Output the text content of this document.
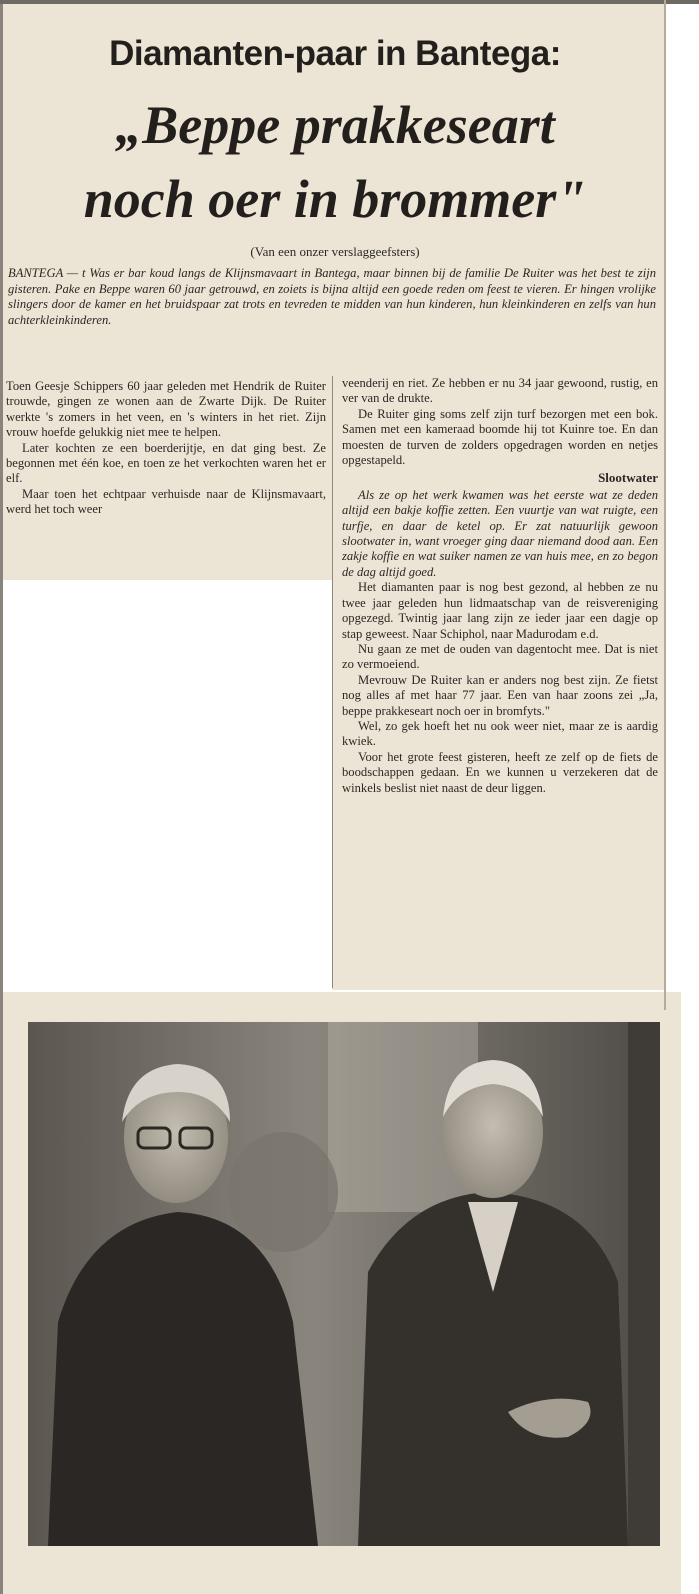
Diamanten-paar in Bantega:
„Beppe prakkeseart
noch oer in brommer"
(Van een onzer verslaggeefsters)

BANTEGA — t Was er bar koud langs de Klijnsmavaart in Bantega, maar binnen bij de familie De Ruiter was het best te zijn gisteren. Pake en Beppe waren 60 jaar getrouwd, en zoiets is bijna altijd een goede reden om feest te vieren. Er hingen vrolijke slingers door de kamer en het bruidspaar zat trots en tevreden te midden van hun kinderen, hun kleinkinderen en zelfs van hun achterkleinkinderen.

Toen Geesje Schippers 60 jaar geleden met Hendrik de Ruiter trouwde, gingen ze wonen aan de Zwarte Dijk. De Ruiter werkte 's zomers in het veen, en 's winters in het riet. Zijn vrouw hoefde gelukkig niet mee te helpen.

Later kochten ze een boerderijtje, en dat ging best. Ze begonnen met één koe, en toen ze het verkochten waren het er elf.

Maar toen het echtpaar verhuisde naar de Klijnsmavaart, werd het toch weer

veenderij en riet. Ze hebben er nu 34 jaar gewoond, rustig, en ver van de drukte.

De Ruiter ging soms zelf zijn turf bezorgen met een bok. Samen met een kameraad boomde hij tot Kuinre toe. En dan moesten de turven de zolders opgedragen worden en netjes opgestapeld.

Slootwater

Als ze op het werk kwamen was het eerste wat ze deden altijd een bakje koffie zetten. Een vuurtje van wat ruigte, een turfje, en daar de ketel op. Er zat natuurlijk gewoon slootwater in, want vroeger ging daar niemand dood aan. Een zakje koffie en wat suiker namen ze van huis mee, en zo begon de dag altijd goed.

Het diamanten paar is nog best gezond, al hebben ze nu twee jaar geleden hun lidmaatschap van de reisvereniging opgezegd. Twintig jaar lang zijn ze ieder jaar een dagje op stap geweest. Naar Schiphol, naar Madurodam e.d.

Nu gaan ze met de ouden van dagentocht mee. Dat is niet zo vermoeiend.

Mevrouw De Ruiter kan er anders nog best zijn. Ze fietst nog alles af met haar 77 jaar. Een van haar zoons zei „Ja, beppe prakkeseart noch oer in bromfyts."

Wel, zo gek hoeft het nu ook weer niet, maar ze is aardig kwiek.

Voor het grote feest gisteren, heeft ze zelf op de fiets de boodschappen gedaan. En we kunnen u verzekeren dat de winkels beslist niet naast de deur liggen.
